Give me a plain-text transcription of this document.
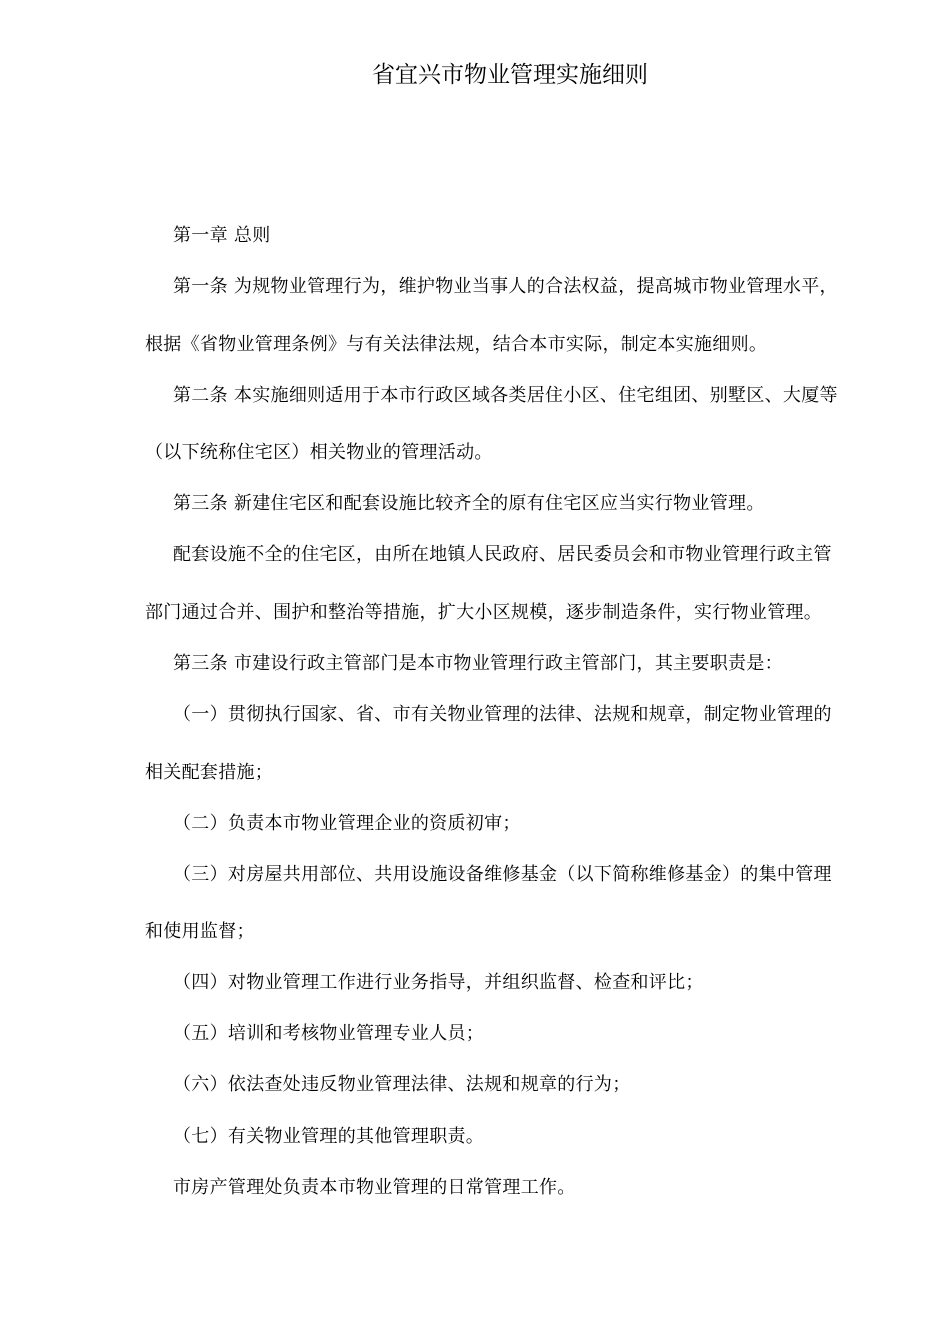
省宜兴市物业管理实施细则
第一章 总则
第一条 为规物业管理行为，维护物业当事人的合法权益，提高城市物业管理水平，
根据《省物业管理条例》与有关法律法规，结合本市实际，制定本实施细则。
第二条 本实施细则适用于本市行政区域各类居住小区、住宅组团、别墅区、大厦等
（以下统称住宅区）相关物业的管理活动。
第三条 新建住宅区和配套设施比较齐全的原有住宅区应当实行物业管理。
配套设施不全的住宅区，由所在地镇人民政府、居民委员会和市物业管理行政主管
部门通过合并、围护和整治等措施，扩大小区规模，逐步制造条件，实行物业管理。
第三条 市建设行政主管部门是本市物业管理行政主管部门，其主要职责是：
（一）贯彻执行国家、省、市有关物业管理的法律、法规和规章，制定物业管理的
相关配套措施；
（二）负责本市物业管理企业的资质初审；
（三）对房屋共用部位、共用设施设备维修基金（以下简称维修基金）的集中管理
和使用监督；
（四）对物业管理工作进行业务指导，并组织监督、检查和评比；
（五）培训和考核物业管理专业人员；
（六）依法查处违反物业管理法律、法规和规章的行为；
（七）有关物业管理的其他管理职责。
市房产管理处负责本市物业管理的日常管理工作。
